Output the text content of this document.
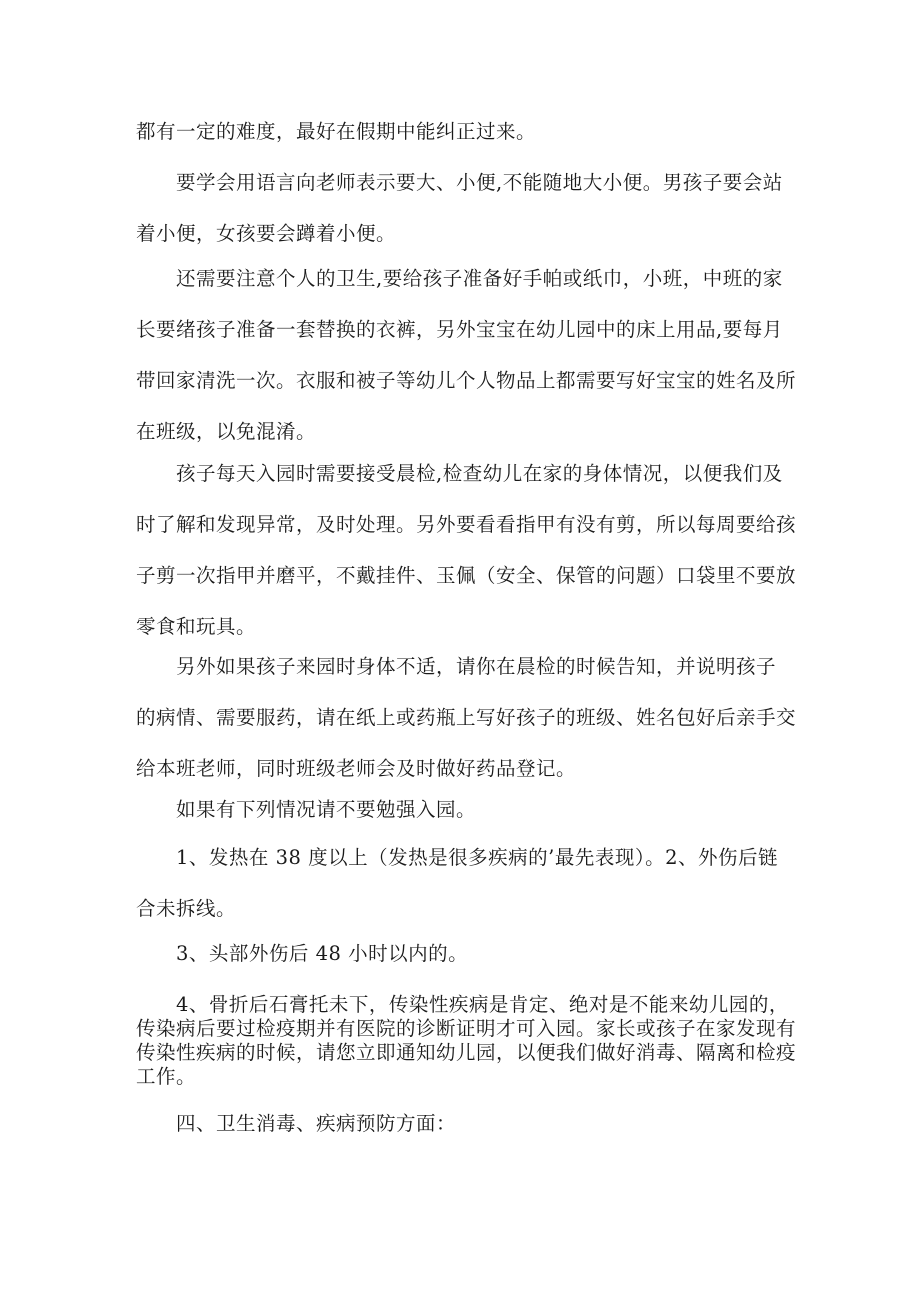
都有一定的难度，最好在假期中能纠正过来。

要学会用语言向老师表示要大、小便,不能随地大小便。男孩子要会站
着小便，女孩要会蹲着小便。

还需要注意个人的卫生,要给孩子准备好手帕或纸巾，小班，中班的家
长要绪孩子准备一套替换的衣裤，另外宝宝在幼儿园中的床上用品,要每月
带回家清洗一次。衣服和被子等幼儿个人物品上都需要写好宝宝的姓名及所
在班级，以免混淆。

孩子每天入园时需要接受晨检,检查幼儿在家的身体情况，以便我们及
时了解和发现异常，及时处理。另外要看看指甲有没有剪，所以每周要给孩
子剪一次指甲并磨平，不戴挂件、玉佩（安全、保管的问题）口袋里不要放
零食和玩具。

另外如果孩子来园时身体不适，请你在晨检的时候告知，并说明孩子
的病情、需要服药，请在纸上或药瓶上写好孩子的班级、姓名包好后亲手交
给本班老师，同时班级老师会及时做好药品登记。

如果有下列情况请不要勉强入园。

1、发热在 38 度以上（发热是很多疾病的’最先表现）。2、外伤后链
合未拆线。

3、头部外伤后 48 小时以内的。

4、骨折后石膏托未下，传染性疾病是肯定、绝对是不能来幼儿园的，
传染病后要过检疫期并有医院的诊断证明才可入园。家长或孩子在家发现有
传染性疾病的时候，请您立即通知幼儿园，以便我们做好消毒、隔离和检疫
工作。

四、卫生消毒、疾病预防方面：
